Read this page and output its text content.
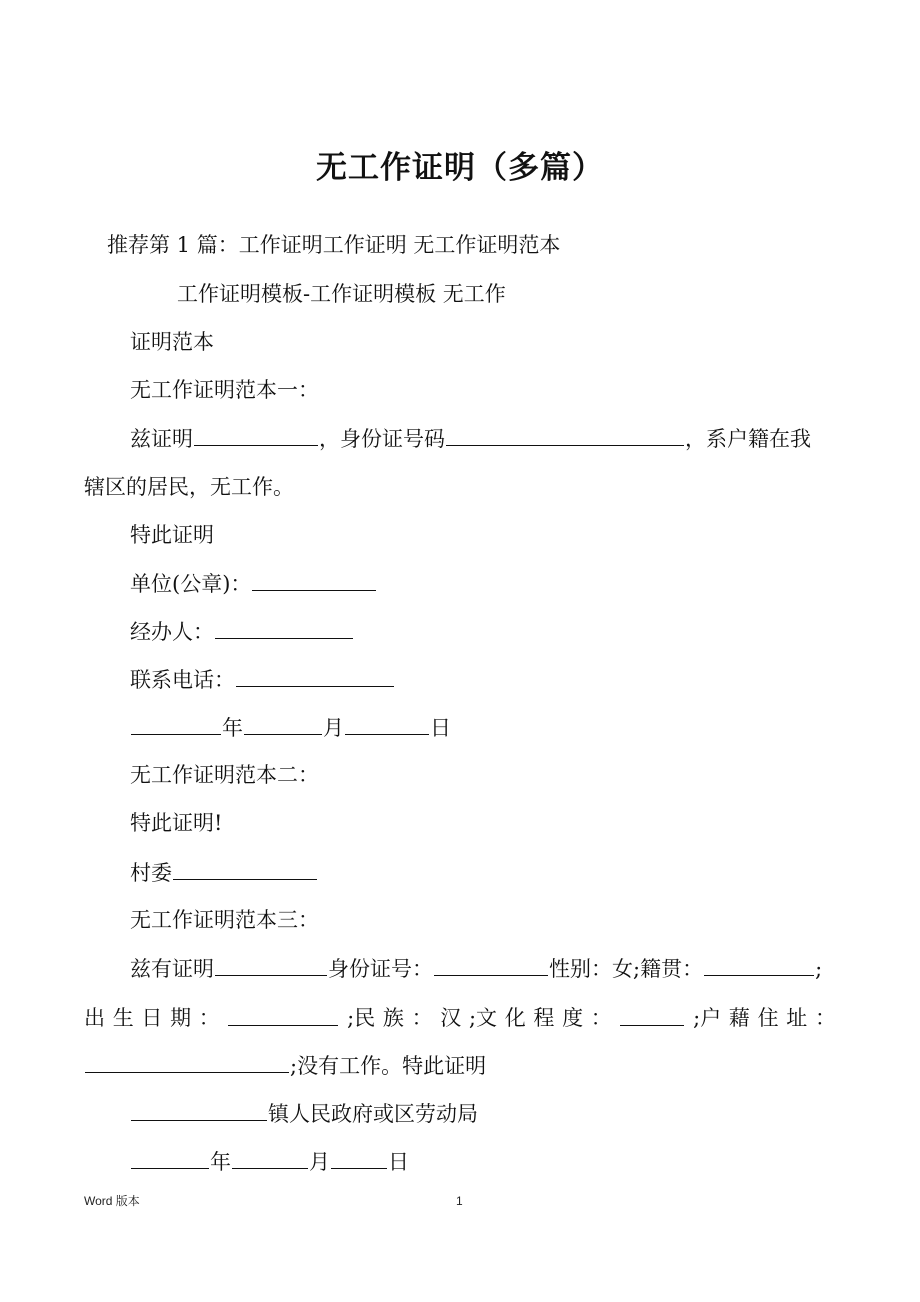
无工作证明（多篇）
推荐第 1 篇：工作证明工作证明 无工作证明范本
工作证明模板-工作证明模板 无工作
证明范本
无工作证明范本一：
兹证明	，身份证号码	，系户籍在我
辖区的居民，无工作。
特此证明
单位(公章)：
经办人：
联系电话：
年	月	日
无工作证明范本二：
特此证明!
村委
无工作证明范本三：
兹有证明	身份证号：	性别：女;籍贯：	;
出 生 日 期 ：	;民 族 ： 汉 ;文 化 程 度 ：	;户 藉 住 址 ：
;没有工作。特此证明
镇人民政府或区劳动局
年	月	日
Word 版本	1
